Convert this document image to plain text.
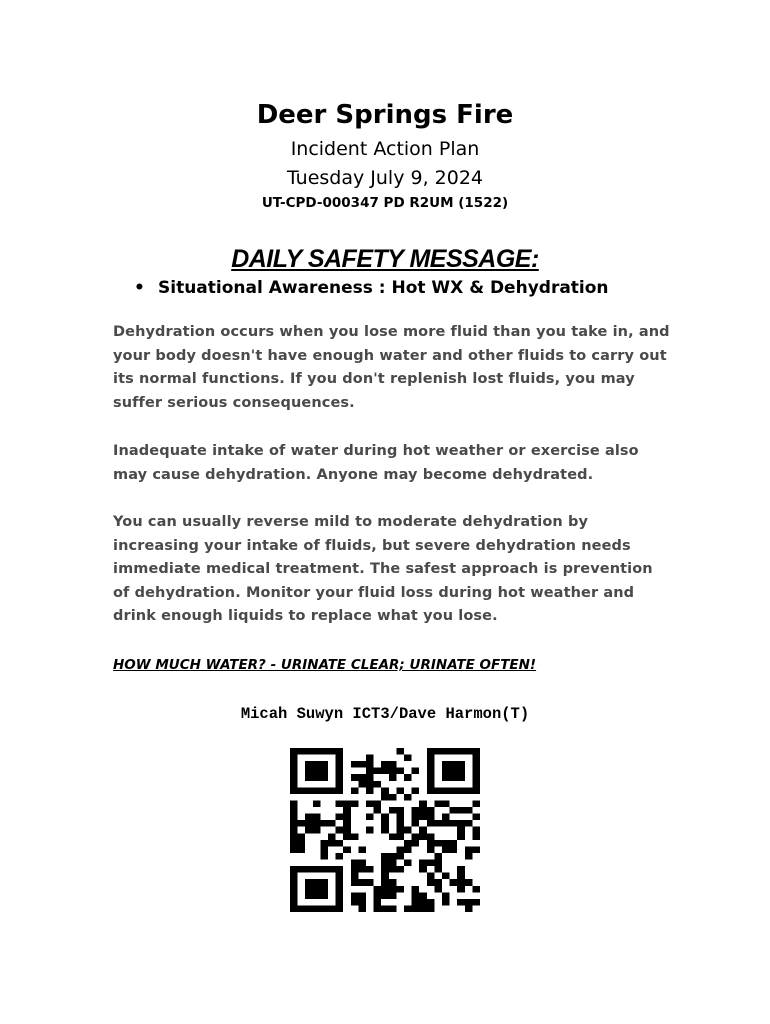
Deer Springs Fire
Incident Action Plan
Tuesday July 9, 2024
UT-CPD-000347 PD R2UM (1522)
DAILY SAFETY MESSAGE:
• Situational Awareness : Hot WX & Dehydration

Dehydration occurs when you lose more fluid than you take in, and your body doesn't have enough water and other fluids to carry out its normal functions. If you don't replenish lost fluids, you may suffer serious consequences.

Inadequate intake of water during hot weather or exercise also may cause dehydration. Anyone may become dehydrated.

You can usually reverse mild to moderate dehydration by increasing your intake of fluids, but severe dehydration needs immediate medical treatment. The safest approach is prevention of dehydration. Monitor your fluid loss during hot weather and drink enough liquids to replace what you lose.

HOW MUCH WATER? - URINATE CLEAR; URINATE OFTEN!
Micah Suwyn ICT3/Dave Harmon(T)
